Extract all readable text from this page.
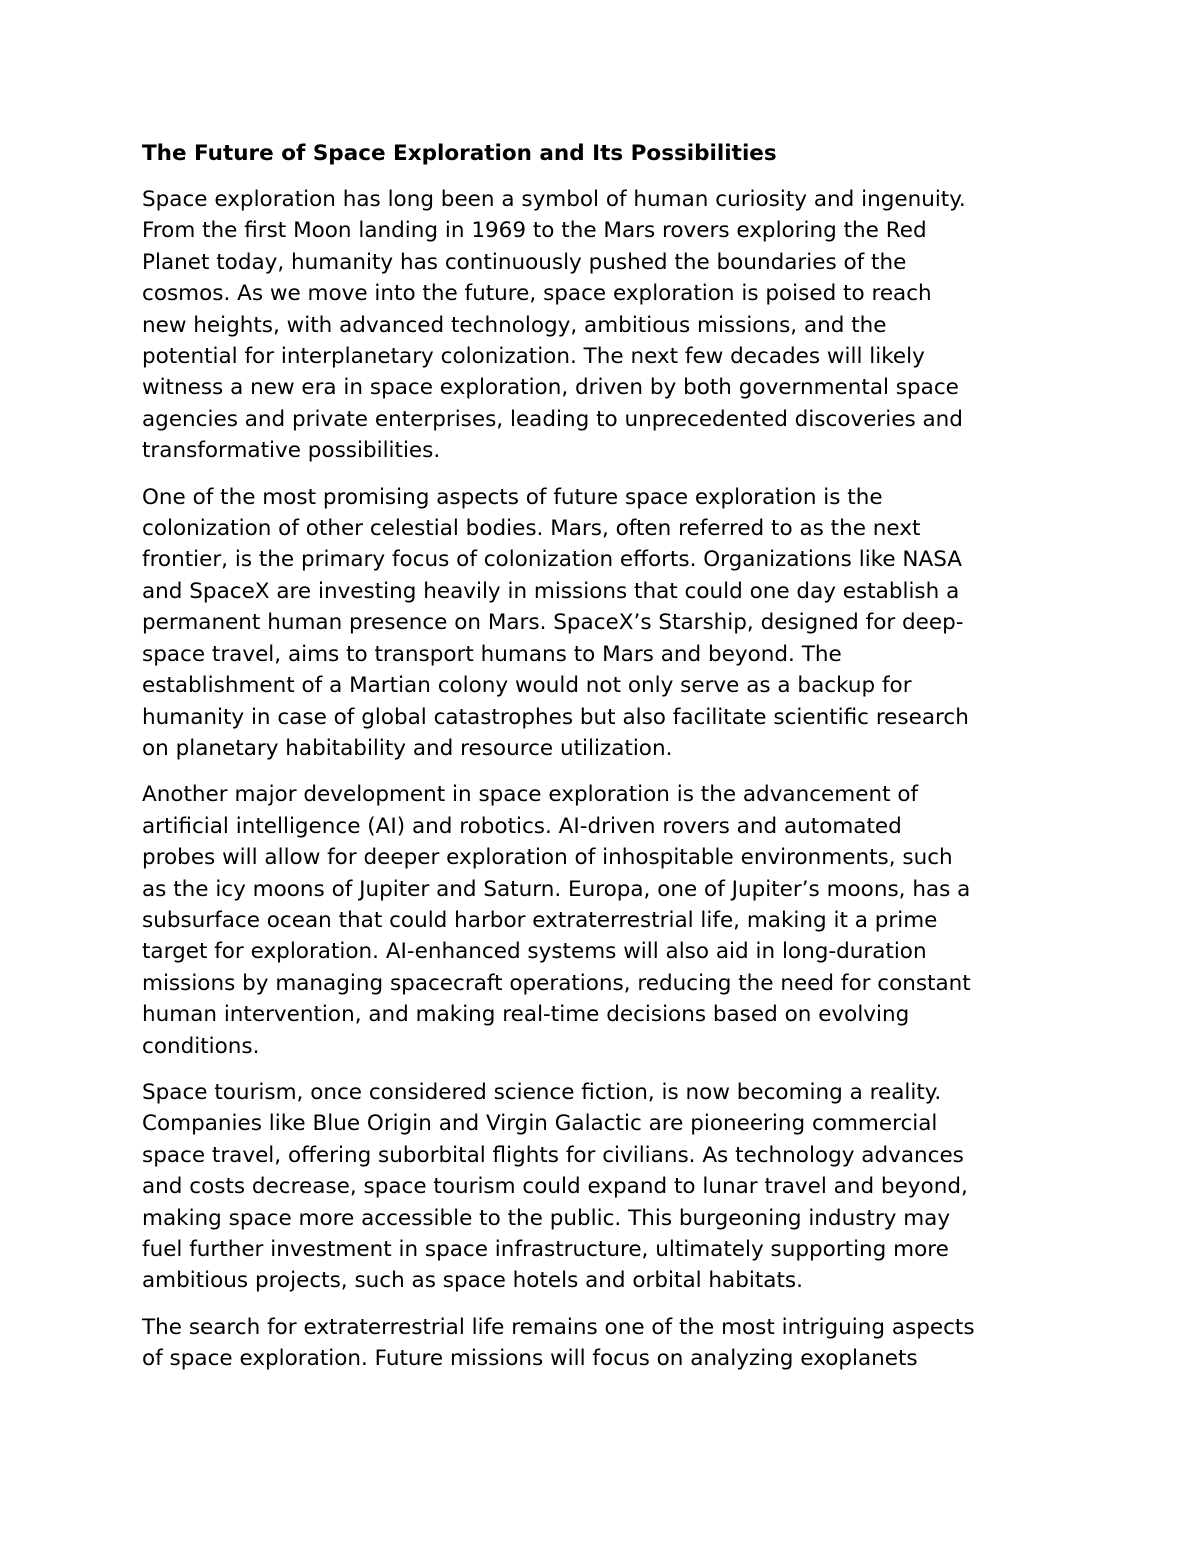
The Future of Space Exploration and Its Possibilities
Space exploration has long been a symbol of human curiosity and ingenuity.
From the first Moon landing in 1969 to the Mars rovers exploring the Red
Planet today, humanity has continuously pushed the boundaries of the
cosmos. As we move into the future, space exploration is poised to reach
new heights, with advanced technology, ambitious missions, and the
potential for interplanetary colonization. The next few decades will likely
witness a new era in space exploration, driven by both governmental space
agencies and private enterprises, leading to unprecedented discoveries and
transformative possibilities.
One of the most promising aspects of future space exploration is the
colonization of other celestial bodies. Mars, often referred to as the next
frontier, is the primary focus of colonization efforts. Organizations like NASA
and SpaceX are investing heavily in missions that could one day establish a
permanent human presence on Mars. SpaceX’s Starship, designed for deep-
space travel, aims to transport humans to Mars and beyond. The
establishment of a Martian colony would not only serve as a backup for
humanity in case of global catastrophes but also facilitate scientific research
on planetary habitability and resource utilization.
Another major development in space exploration is the advancement of
artificial intelligence (AI) and robotics. AI-driven rovers and automated
probes will allow for deeper exploration of inhospitable environments, such
as the icy moons of Jupiter and Saturn. Europa, one of Jupiter’s moons, has a
subsurface ocean that could harbor extraterrestrial life, making it a prime
target for exploration. AI-enhanced systems will also aid in long-duration
missions by managing spacecraft operations, reducing the need for constant
human intervention, and making real-time decisions based on evolving
conditions.
Space tourism, once considered science fiction, is now becoming a reality.
Companies like Blue Origin and Virgin Galactic are pioneering commercial
space travel, offering suborbital flights for civilians. As technology advances
and costs decrease, space tourism could expand to lunar travel and beyond,
making space more accessible to the public. This burgeoning industry may
fuel further investment in space infrastructure, ultimately supporting more
ambitious projects, such as space hotels and orbital habitats.
The search for extraterrestrial life remains one of the most intriguing aspects
of space exploration. Future missions will focus on analyzing exoplanets
